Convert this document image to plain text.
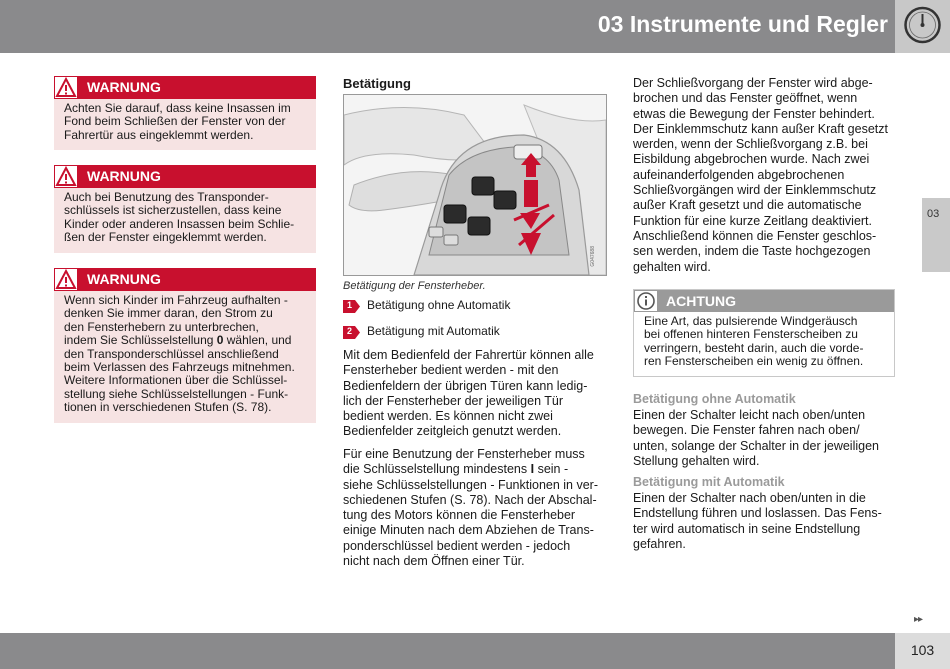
03 Instrumente und Regler
03
▸▸
103
WARNUNG
Achten Sie darauf, dass keine Insassen im
Fond beim Schließen der Fenster von der
Fahrertür aus eingeklemmt werden.
WARNUNG
Auch bei Benutzung des Transponder-
schlüssels ist sicherzustellen, dass keine
Kinder oder anderen Insassen beim Schlie-
ßen der Fenster eingeklemmt werden.
WARNUNG
Wenn sich Kinder im Fahrzeug aufhalten -
denken Sie immer daran, den Strom zu
den Fensterhebern zu unterbrechen,
indem Sie Schlüsselstellung 0 wählen, und
den Transponderschlüssel anschließend
beim Verlassen des Fahrzeugs mitnehmen.
Weitere Informationen über die Schlüssel-
stellung siehe Schlüsselstellungen - Funk-
tionen in verschiedenen Stufen (S. 78).
Betätigung
G047688
Betätigung der Fensterheber.
1 Betätigung ohne Automatik
2 Betätigung mit Automatik
Mit dem Bedienfeld der Fahrertür können alle
Fensterheber bedient werden - mit den
Bedienfeldern der übrigen Türen kann ledig-
lich der Fensterheber der jeweiligen Tür
bedient werden. Es können nicht zwei
Bedienfelder zeitgleich genutzt werden.
Für eine Benutzung der Fensterheber muss
die Schlüsselstellung mindestens I sein -
siehe Schlüsselstellungen - Funktionen in ver-
schiedenen Stufen (S. 78). Nach der Abschal-
tung des Motors können die Fensterheber
einige Minuten nach dem Abziehen de Trans-
ponderschlüssel bedient werden - jedoch
nicht nach dem Öffnen einer Tür.
Der Schließvorgang der Fenster wird abge-
brochen und das Fenster geöffnet, wenn
etwas die Bewegung der Fenster behindert.
Der Einklemmschutz kann außer Kraft gesetzt
werden, wenn der Schließvorgang z.B. bei
Eisbildung abgebrochen wurde. Nach zwei
aufeinanderfolgenden abgebrochenen
Schließvorgängen wird der Einklemmschutz
außer Kraft gesetzt und die automatische
Funktion für eine kurze Zeitlang deaktiviert.
Anschließend können die Fenster geschlos-
sen werden, indem die Taste hochgezogen
gehalten wird.
ACHTUNG
Eine Art, das pulsierende Windgeräusch
bei offenen hinteren Fensterscheiben zu
verringern, besteht darin, auch die vorde-
ren Fensterscheiben ein wenig zu öffnen.
Betätigung ohne Automatik
Einen der Schalter leicht nach oben/unten
bewegen. Die Fenster fahren nach oben/
unten, solange der Schalter in der jeweiligen
Stellung gehalten wird.
Betätigung mit Automatik
Einen der Schalter nach oben/unten in die
Endstellung führen und loslassen. Das Fens-
ter wird automatisch in seine Endstellung
gefahren.
